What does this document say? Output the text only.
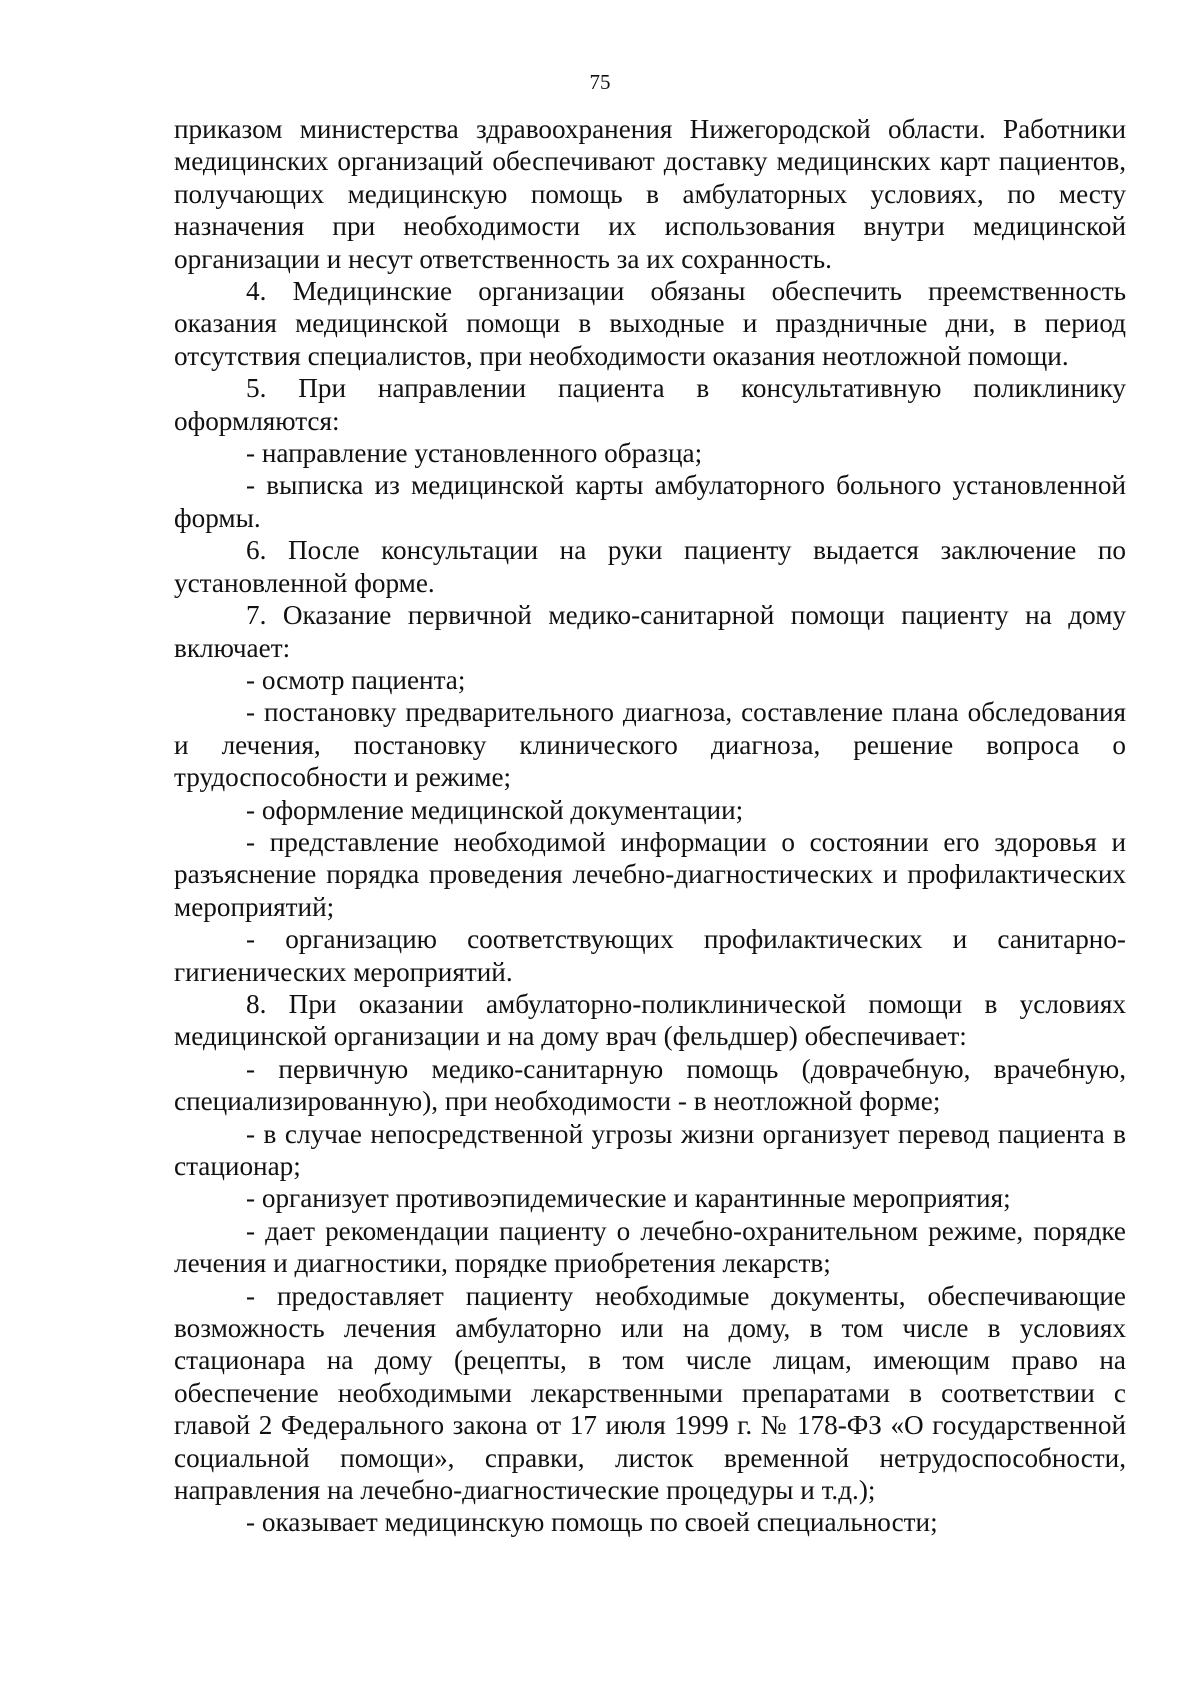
75

приказом министерства здравоохранения Нижегородской области. Работники медицинских организаций обеспечивают доставку медицинских карт пациентов, получающих медицинскую помощь в амбулаторных условиях, по месту назначения при необходимости их использования внутри медицинской организации и несут ответственность за их сохранность.

4. Медицинские организации обязаны обеспечить преемственность оказания медицинской помощи в выходные и праздничные дни, в период отсутствия специалистов, при необходимости оказания неотложной помощи.

5. При направлении пациента в консультативную поликлинику оформляются:

- направление установленного образца;

- выписка из медицинской карты амбулаторного больного установленной формы.

6. После консультации на руки пациенту выдается заключение по установленной форме.

7. Оказание первичной медико-санитарной помощи пациенту на дому включает:

- осмотр пациента;

- постановку предварительного диагноза, составление плана обследования и лечения, постановку клинического диагноза, решение вопроса о трудоспособности и режиме;

- оформление медицинской документации;

- представление необходимой информации о состоянии его здоровья и разъяснение порядка проведения лечебно-диагностических и профилактических мероприятий;

- организацию соответствующих профилактических и санитарно-гигиенических мероприятий.

8. При оказании амбулаторно-поликлинической помощи в условиях медицинской организации и на дому врач (фельдшер) обеспечивает:

- первичную медико-санитарную помощь (доврачебную, врачебную, специализированную), при необходимости - в неотложной форме;

- в случае непосредственной угрозы жизни организует перевод пациента в стационар;

- организует противоэпидемические и карантинные мероприятия;

- дает рекомендации пациенту о лечебно-охранительном режиме, порядке лечения и диагностики, порядке приобретения лекарств;

- предоставляет пациенту необходимые документы, обеспечивающие возможность лечения амбулаторно или на дому, в том числе в условиях стационара на дому (рецепты, в том числе лицам, имеющим право на обеспечение необходимыми лекарственными препаратами в соответствии с главой 2 Федерального закона от 17 июля 1999 г. № 178-ФЗ «О государственной социальной помощи», справки, листок временной нетрудоспособности, направления на лечебно-диагностические процедуры и т.д.);

- оказывает медицинскую помощь по своей специальности;
